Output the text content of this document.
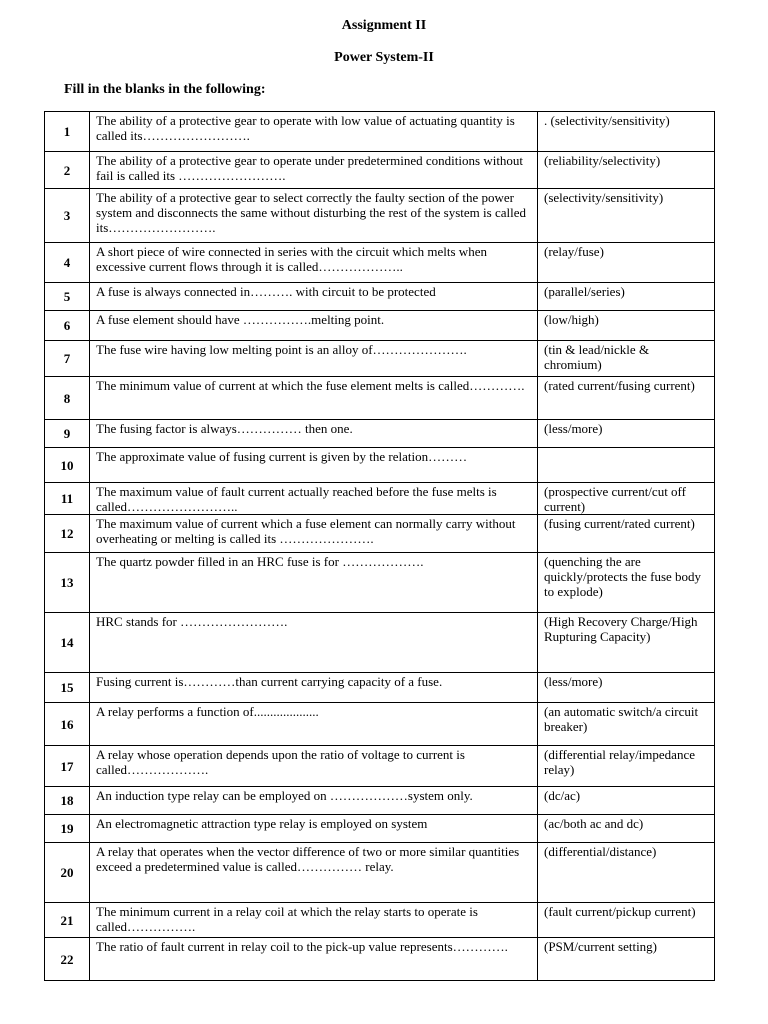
Assignment II
Power System-II
Fill in the blanks in the following:
1	The ability of a protective gear to operate with low value of actuating quantity is called its…………………….	. (selectivity/sensitivity)
2	The ability of a protective gear to operate under predetermined conditions without fail is called its …………………….	(reliability/selectivity)
3	The ability of a protective gear to select correctly the faulty section of the power system and disconnects the same without disturbing the rest of the system is called its…………………….	(selectivity/sensitivity)
4	A short piece of wire connected in series with the circuit which melts when excessive current flows through it is called………………..	(relay/fuse)
5	A fuse is always connected in………. with circuit to be protected	(parallel/series)
6	A fuse element should have …………….melting point.	(low/high)
7	The fuse wire having low melting point is an alloy of………………….	(tin & lead/nickle & chromium)
8	The minimum value of current at which the fuse element melts is called………….	(rated current/fusing current)
9	The fusing factor is always…………… then one.	(less/more)
10	The approximate value of fusing current is given by the relation………	
11	The maximum value of fault current actually reached before the fuse melts is called……………………..	(prospective current/cut off current)
12	The maximum value of current which a fuse element can normally carry without overheating or melting is called its ………………….	(fusing current/rated current)
13	The quartz powder filled in an HRC fuse is for ……………….	(quenching the are quickly/protects the fuse body to explode)
14	HRC stands for …………………….	(High Recovery Charge/High Rupturing Capacity)
15	Fusing current is…………than current carrying capacity of a fuse.	(less/more)
16	A relay performs a function of....................	(an automatic switch/a circuit breaker)
17	A relay whose operation depends upon the ratio of voltage to current is called……………….	(differential relay/impedance relay)
18	An induction type relay can be employed on ………………system only.	(dc/ac)
19	An electromagnetic attraction type relay is employed on system	(ac/both ac and dc)
20	A relay that operates when the vector difference of two or more similar quantities exceed a predetermined value is called…………… relay.	(differential/distance)
21	The minimum current in a relay coil at which the relay starts to operate is called…………….	(fault current/pickup current)
22	The ratio of fault current in relay coil to the pick-up value represents………….	(PSM/current setting)
